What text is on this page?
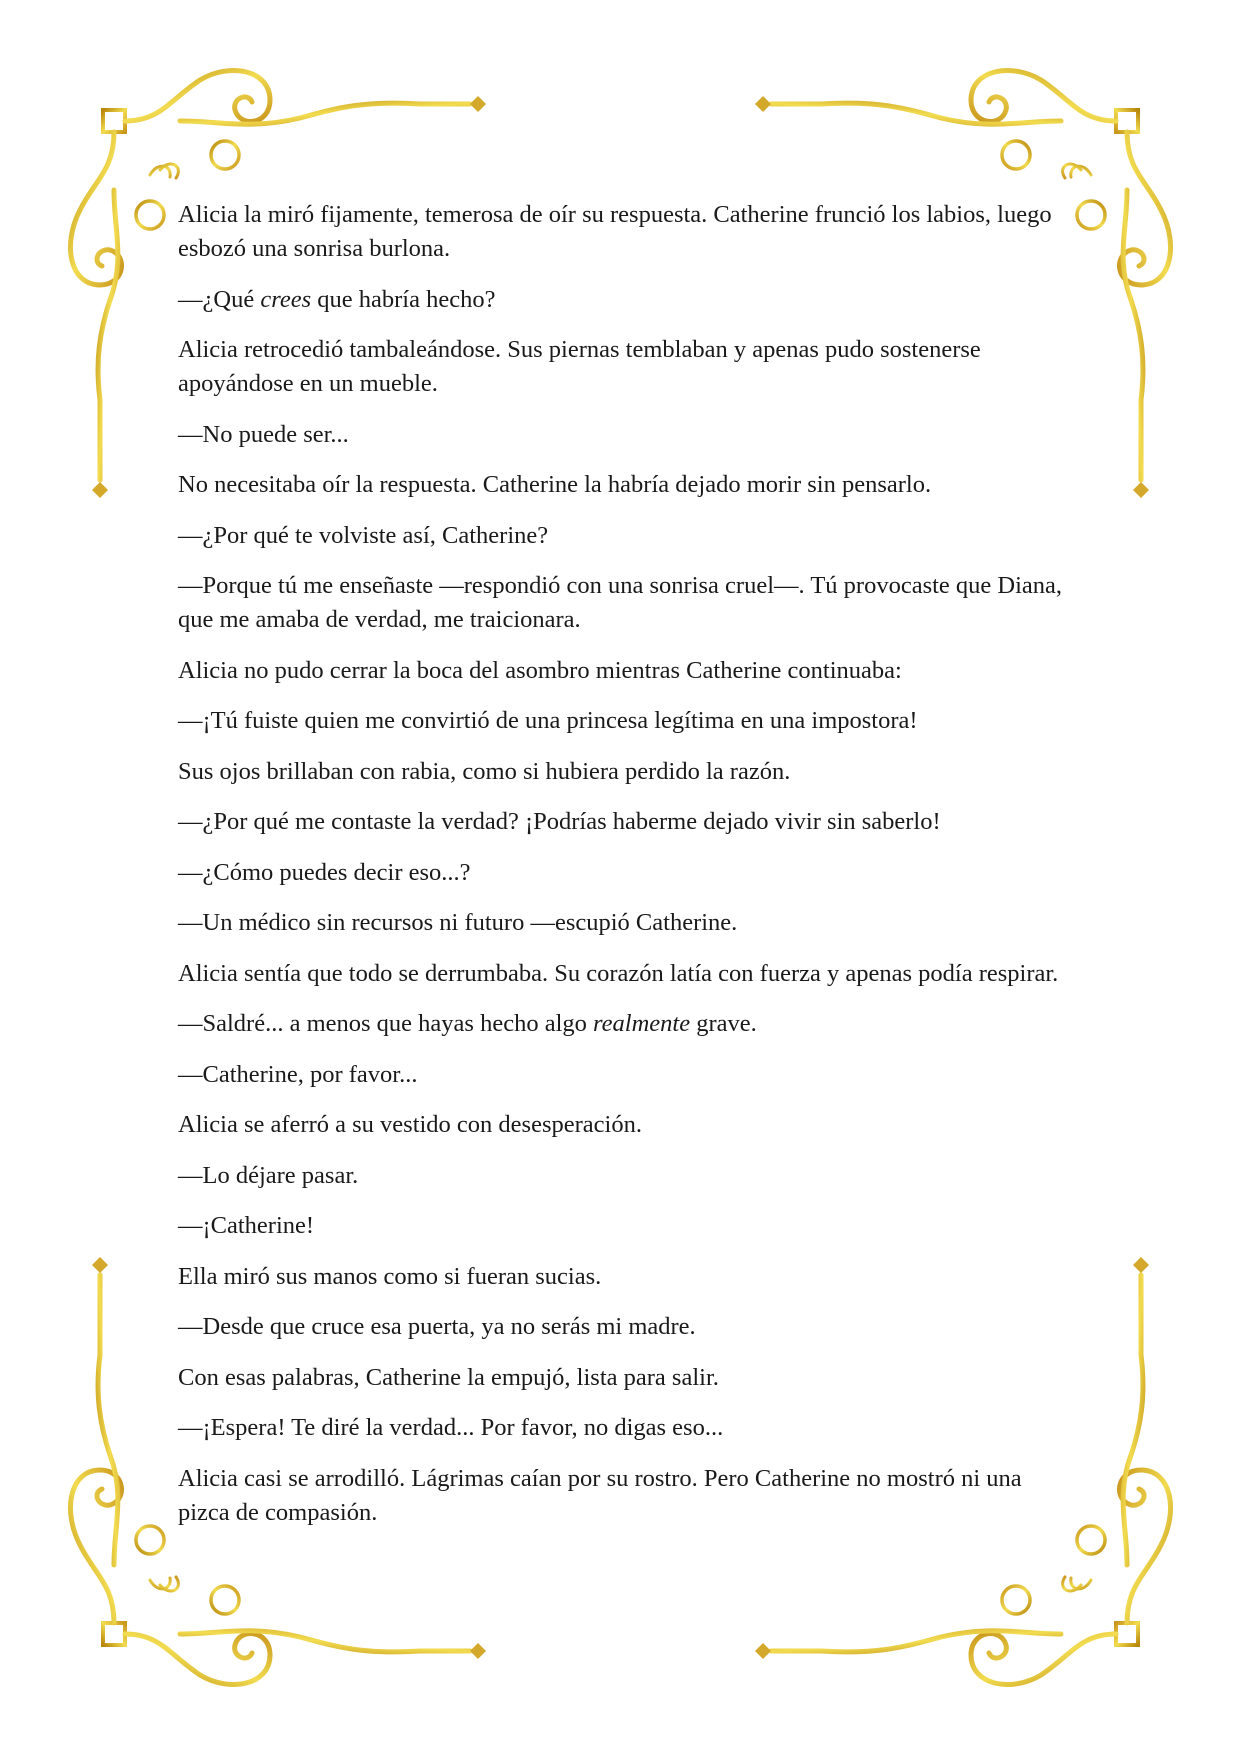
Alicia la miró fijamente, temerosa de oír su respuesta. Catherine frunció los labios, luego esbozó una sonrisa burlona.

—¿Qué crees que habría hecho?

Alicia retrocedió tambaleándose. Sus piernas temblaban y apenas pudo sostenerse apoyándose en un mueble.

—No puede ser...

No necesitaba oír la respuesta. Catherine la habría dejado morir sin pensarlo.

—¿Por qué te volviste así, Catherine?

—Porque tú me enseñaste —respondió con una sonrisa cruel—. Tú provocaste que Diana, que me amaba de verdad, me traicionara.

Alicia no pudo cerrar la boca del asombro mientras Catherine continuaba:

—¡Tú fuiste quien me convirtió de una princesa legítima en una impostora!

Sus ojos brillaban con rabia, como si hubiera perdido la razón.

—¿Por qué me contaste la verdad? ¡Podrías haberme dejado vivir sin saberlo!

—¿Cómo puedes decir eso...?

—Un médico sin recursos ni futuro —escupió Catherine.

Alicia sentía que todo se derrumbaba. Su corazón latía con fuerza y apenas podía respirar.

—Saldré... a menos que hayas hecho algo realmente grave.

—Catherine, por favor...

Alicia se aferró a su vestido con desesperación.

—Lo déjare pasar.

—¡Catherine!

Ella miró sus manos como si fueran sucias.

—Desde que cruce esa puerta, ya no serás mi madre.

Con esas palabras, Catherine la empujó, lista para salir.

—¡Espera! Te diré la verdad... Por favor, no digas eso...

Alicia casi se arrodilló. Lágrimas caían por su rostro. Pero Catherine no mostró ni una pizca de compasión.
